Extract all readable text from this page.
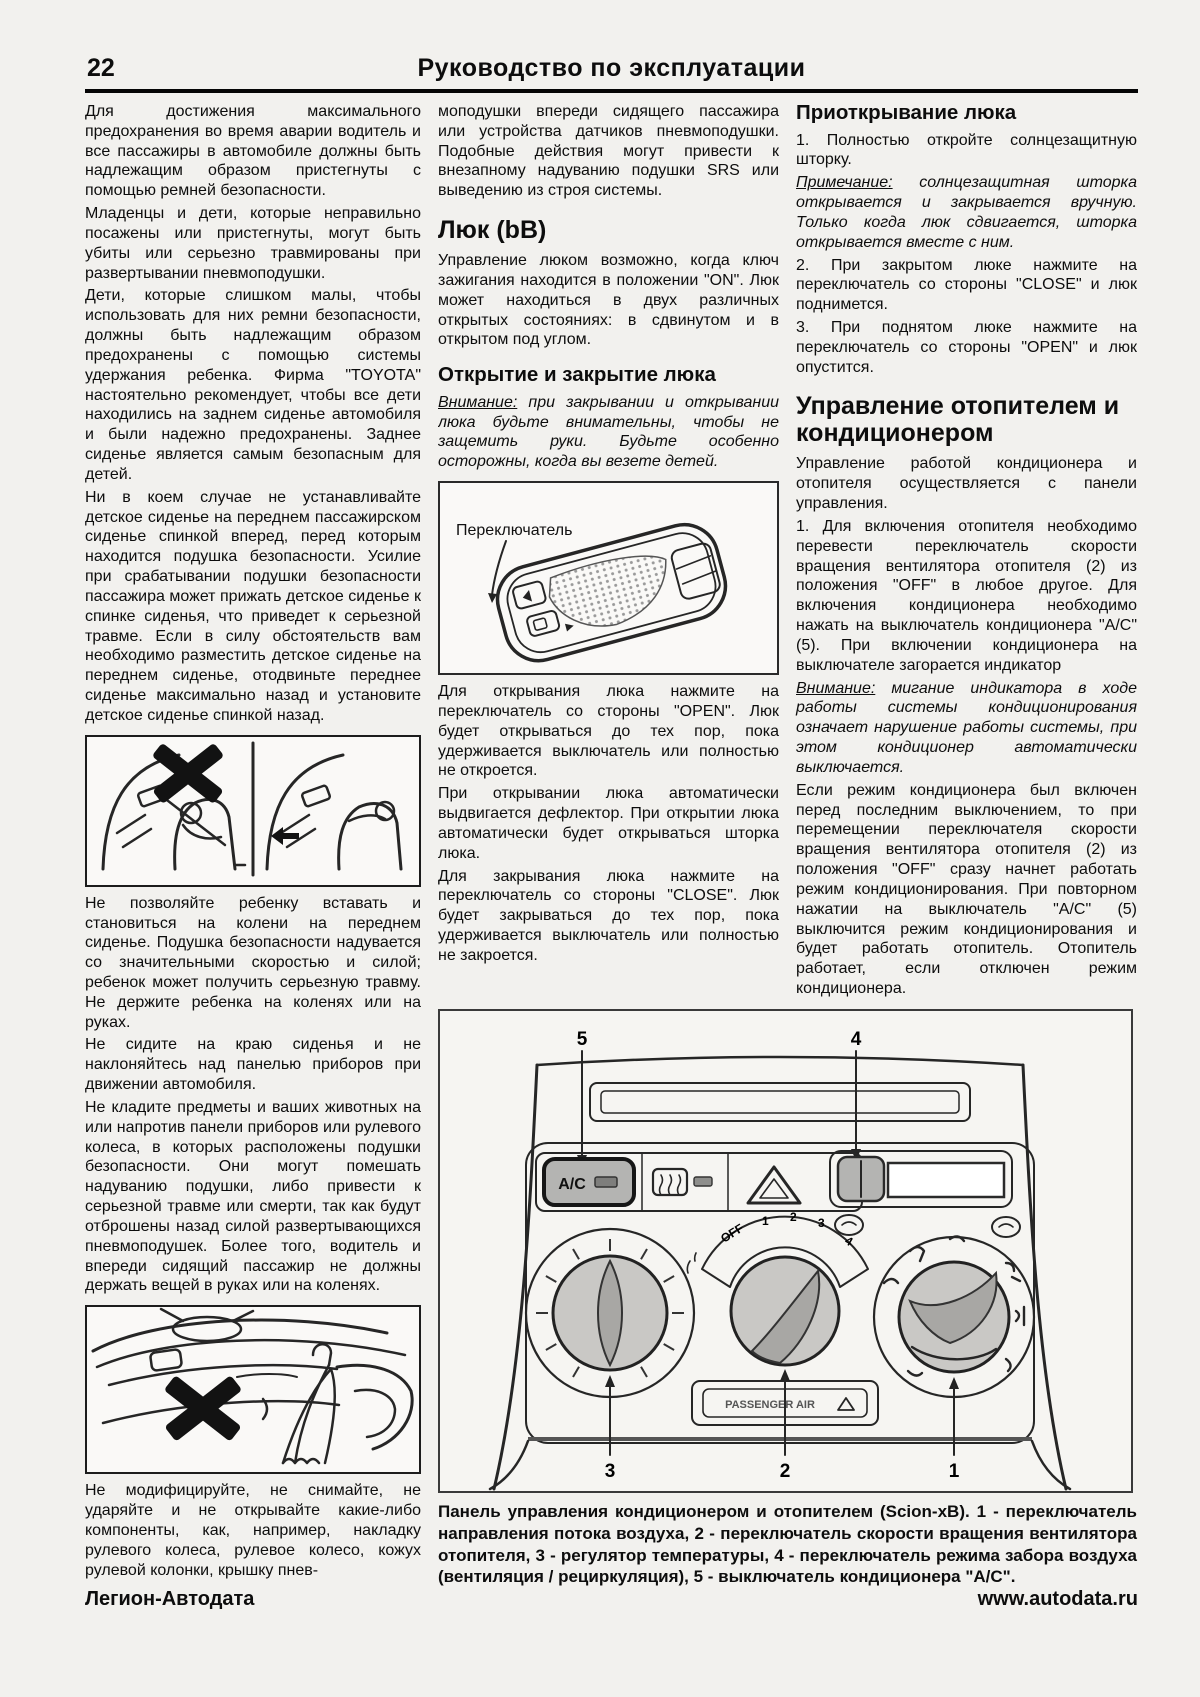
22	Руководство по эксплуатации

Для достижения максимального предохранения во время аварии водитель и все пассажиры в автомобиле должны быть надлежащим образом пристегнуты с помощью ремней безопасности.

Младенцы и дети, которые неправильно посажены или пристегнуты, могут быть убиты или серьезно травмированы при развертывании пневмоподушки.

Дети, которые слишком малы, чтобы использовать для них ремни безопасности, должны быть надлежащим образом предохранены с помощью системы удержания ребенка. Фирма "TOYOTA" настоятельно рекомендует, чтобы все дети находились на заднем сиденье автомобиля и были надежно предохранены. Заднее сиденье является самым безопасным для детей.

Ни в коем случае не устанавливайте детское сиденье на переднем пассажирском сиденье спинкой вперед, перед которым находится подушка безопасности. Усилие при срабатывании подушки безопасности пассажира может прижать детское сиденье к спинке сиденья, что приведет к серьезной травме. Если в силу обстоятельств вам необходимо разместить детское сиденье на переднем сиденье, отодвиньте переднее сиденье максимально назад и установите детское сиденье спинкой назад.

Не позволяйте ребенку вставать и становиться на колени на переднем сиденье. Подушка безопасности надувается со значительными скоростью и силой; ребенок может получить серьезную травму. Не держите ребенка на коленях или на руках.

Не сидите на краю сиденья и не наклоняйтесь над панелью приборов при движении автомобиля.

Не кладите предметы и ваших животных на или напротив панели приборов или рулевого колеса, в которых расположены подушки безопасности. Они могут помешать надуванию подушки, либо привести к серьезной травме или смерти, так как будут отброшены назад силой развертывающихся пневмоподушек. Более того, водитель и впереди сидящий пассажир не должны держать вещей в руках или на коленях.

Не модифицируйте, не снимайте, не ударяйте и не открывайте какие-либо компоненты, как, например, накладку рулевого колеса, рулевое колесо, кожух рулевой колонки, крышку пнев-

моподушки впереди сидящего пассажира или устройства датчиков пневмоподушки. Подобные действия могут привести к внезапному надуванию подушки SRS или выведению из строя системы.

Люк (bB)

Управление люком возможно, когда ключ зажигания находится в положении "ON". Люк может находиться в двух различных открытых состояниях: в сдвинутом и в открытом под углом.

Открытие и закрытие люка

Внимание: при закрывании и открывании люка будьте внимательны, чтобы не защемить руки. Будьте особенно осторожны, когда вы везете детей.

Переключатель

Для открывания люка нажмите на переключатель со стороны "OPEN". Люк будет открываться до тех пор, пока удерживается выключатель или полностью не откроется.

При открывании люка автоматически выдвигается дефлектор. При открытии люка автоматически будет открываться шторка люка.

Для закрывания люка нажмите на переключатель со стороны "CLOSE". Люк будет закрываться до тех пор, пока удерживается выключатель или полностью не закроется.

Приоткрывание люка

1. Полностью откройте солнцезащитную шторку.

Примечание: солнцезащитная шторка открывается и закрывается вручную. Только когда люк сдвигается, шторка открывается вместе с ним.

2. При закрытом люке нажмите на переключатель со стороны "CLOSE" и люк поднимется.

3. При поднятом люке нажмите на переключатель со стороны "OPEN" и люк опустится.

Управление отопителем и кондиционером

Управление работой кондиционера и отопителя осуществляется с панели управления.

1. Для включения отопителя необходимо перевести переключатель скорости вращения вентилятора отопителя (2) из положения "OFF" в любое другое. Для включения кондиционера необходимо нажать на выключатель кондиционера "A/C" (5). При включении кондиционера на выключателе загорается индикатор

Внимание: мигание индикатора в ходе работы системы кондиционирования означает нарушение работы системы, при этом кондиционер автоматически выключается.

Если режим кондиционера был включен перед последним выключением, то при перемещении переключателя скорости вращения вентилятора отопителя (2) из положения "OFF" сразу начнет работать режим кондиционирования. При повторном нажатии на выключатель "A/C" (5) выключится режим кондиционирования и будет работать отопитель. Отопитель работает, если отключен режим кондиционера.

5	4
A/C
OFF 1 2 3
4
PASSENGER AIR
3	2	1
Панель управления кондиционером и отопителем (Scion-xB). 1 - переключатель направления потока воздуха, 2 - переключатель скорости вращения вентилятора отопителя, 3 - регулятор температуры, 4 - переключатель режима забора воздуха (вентиляция / рециркуляция), 5 - выключатель кондиционера "A/C".
Легион-Автодата	www.autodata.ru
